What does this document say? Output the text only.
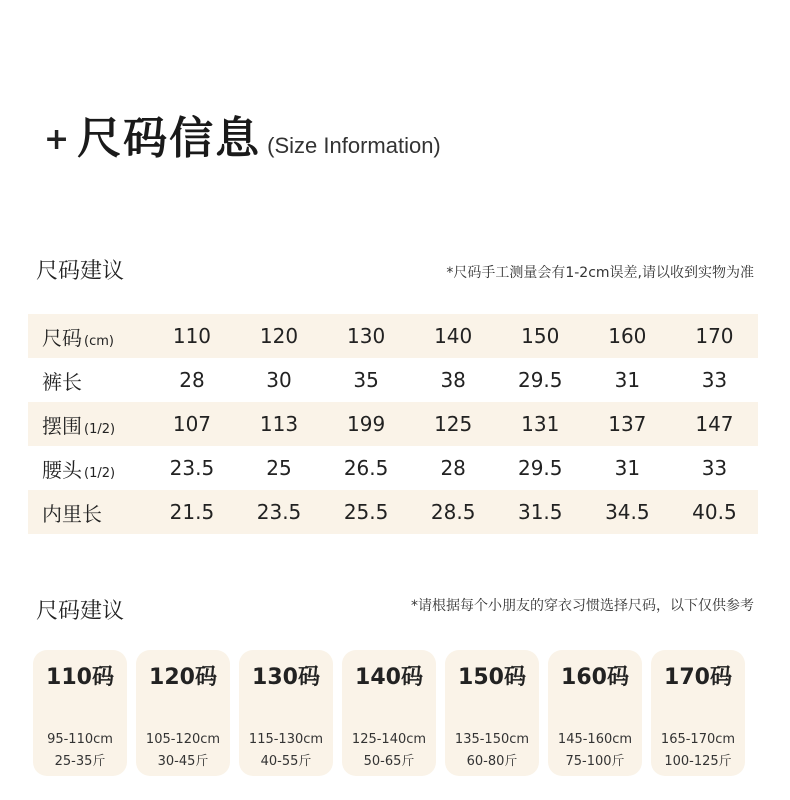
+ 尺码信息 (Size Information)
尺码建议	*尺码手工测量会有1-2cm误差,请以收到实物为准
尺码 (cm)	110	120	130	140	150	160	170
裤长	28	30	35	38	29.5	31	33
摆围 (1/2)	107	113	199	125	131	137	147
腰头 (1/2)	23.5	25	26.5	28	29.5	31	33
内里长	21.5	23.5	25.5	28.5	31.5	34.5	40.5
尺码建议	*请根据每个小朋友的穿衣习惯选择尺码，以下仅供参考
110码
95-110cm
25-35斤
120码
105-120cm
30-45斤
130码
115-130cm
40-55斤
140码
125-140cm
50-65斤
150码
135-150cm
60-80斤
160码
145-160cm
75-100斤
170码
165-170cm
100-125斤
